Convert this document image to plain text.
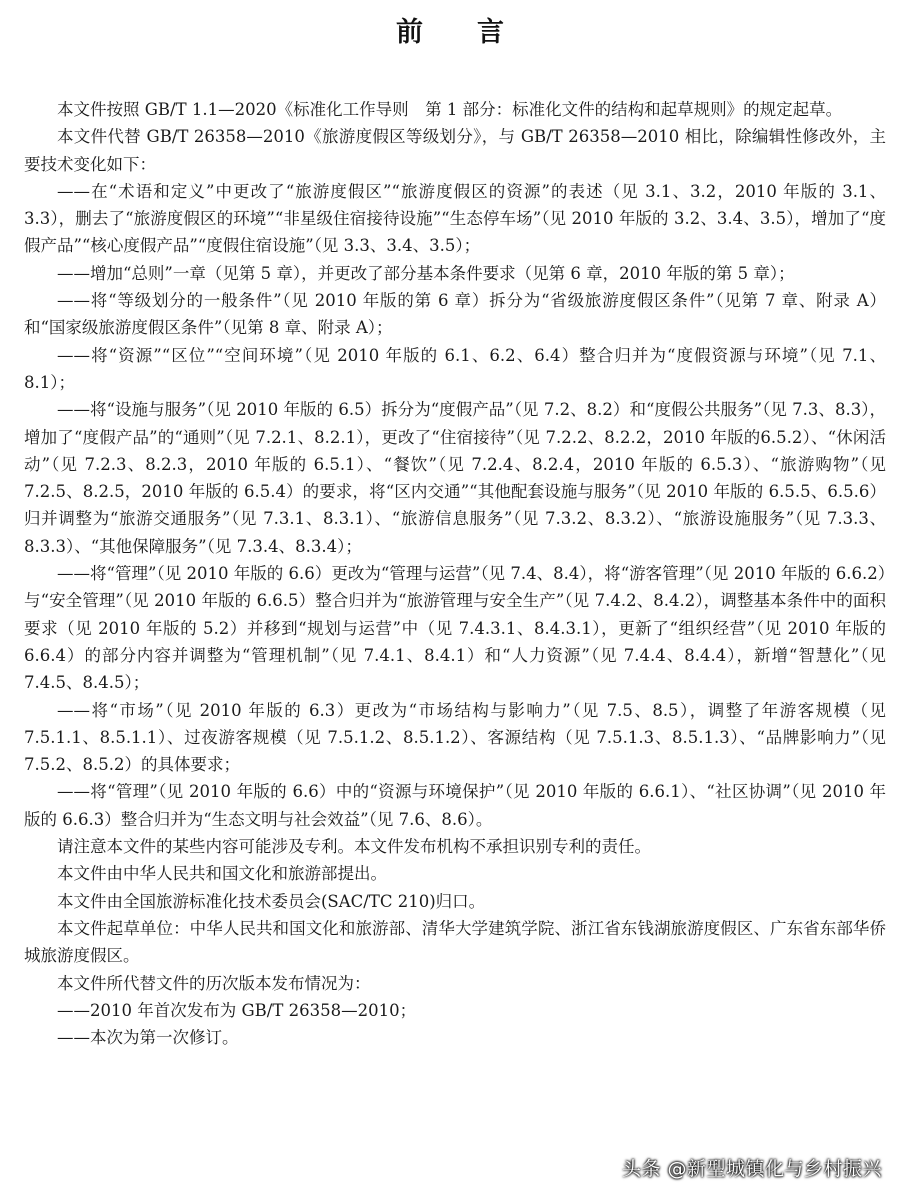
前　　言

本文件按照 GB/T 1.1—2020《标准化工作导则　第 1 部分：标准化文件的结构和起草规则》的规定起草。

本文件代替 GB/T 26358—2010《旅游度假区等级划分》，与 GB/T 26358—2010 相比，除编辑性修改外，主要技术变化如下：

——在“术语和定义”中更改了“旅游度假区”“旅游度假区的资源”的表述（见 3.1、3.2，2010 年版的 3.1、3.3），删去了“旅游度假区的环境”“非星级住宿接待设施”“生态停车场”（见 2010 年版的 3.2、3.4、3.5），增加了“度假产品”“核心度假产品”“度假住宿设施”（见 3.3、3.4、3.5）；

——增加“总则”一章（见第 5 章），并更改了部分基本条件要求（见第 6 章，2010 年版的第 5 章）；

——将“等级划分的一般条件”（见 2010 年版的第 6 章）拆分为“省级旅游度假区条件”（见第 7 章、附录 A）和“国家级旅游度假区条件”（见第 8 章、附录 A）；

——将“资源”“区位”“空间环境”（见 2010 年版的 6.1、6.2、6.4）整合归并为“度假资源与环境”（见 7.1、8.1）；

——将“设施与服务”（见 2010 年版的 6.5）拆分为“度假产品”（见 7.2、8.2）和“度假公共服务”（见 7.3、8.3），增加了“度假产品”的“通则”（见 7.2.1、8.2.1），更改了“住宿接待”（见 7.2.2、8.2.2，2010 年版的6.5.2）、“休闲活动”（见 7.2.3、8.2.3，2010 年版的 6.5.1）、“餐饮”（见 7.2.4、8.2.4，2010 年版的 6.5.3）、“旅游购物”（见 7.2.5、8.2.5，2010 年版的 6.5.4）的要求，将“区内交通”“其他配套设施与服务”（见 2010 年版的 6.5.5、6.5.6）归并调整为“旅游交通服务”（见 7.3.1、8.3.1）、“旅游信息服务”（见 7.3.2、8.3.2）、“旅游设施服务”（见 7.3.3、8.3.3）、“其他保障服务”（见 7.3.4、8.3.4）；

——将“管理”（见 2010 年版的 6.6）更改为“管理与运营”（见 7.4、8.4），将“游客管理”（见 2010 年版的 6.6.2）与“安全管理”（见 2010 年版的 6.6.5）整合归并为“旅游管理与安全生产”（见 7.4.2、8.4.2），调整基本条件中的面积要求（见 2010 年版的 5.2）并移到“规划与运营”中（见 7.4.3.1、8.4.3.1），更新了“组织经营”（见 2010 年版的 6.6.4）的部分内容并调整为“管理机制”（见 7.4.1、8.4.1）和“人力资源”（见 7.4.4、8.4.4），新增“智慧化”（见 7.4.5、8.4.5）；

——将“市场”（见 2010 年版的 6.3）更改为“市场结构与影响力”（见 7.5、8.5），调整了年游客规模（见 7.5.1.1、8.5.1.1）、过夜游客规模（见 7.5.1.2、8.5.1.2）、客源结构（见 7.5.1.3、8.5.1.3）、“品牌影响力”（见 7.5.2、8.5.2）的具体要求；

——将“管理”（见 2010 年版的 6.6）中的“资源与环境保护”（见 2010 年版的 6.6.1）、“社区协调”（见 2010 年版的 6.6.3）整合归并为“生态文明与社会效益”（见 7.6、8.6）。

请注意本文件的某些内容可能涉及专利。本文件发布机构不承担识别专利的责任。

本文件由中华人民共和国文化和旅游部提出。

本文件由全国旅游标准化技术委员会(SAC/TC 210)归口。

本文件起草单位：中华人民共和国文化和旅游部、清华大学建筑学院、浙江省东钱湖旅游度假区、广东省东部华侨城旅游度假区。

本文件所代替文件的历次版本发布情况为：

——2010 年首次发布为 GB/T 26358—2010；

——本次为第一次修订。

头条 @新型城镇化与乡村振兴
